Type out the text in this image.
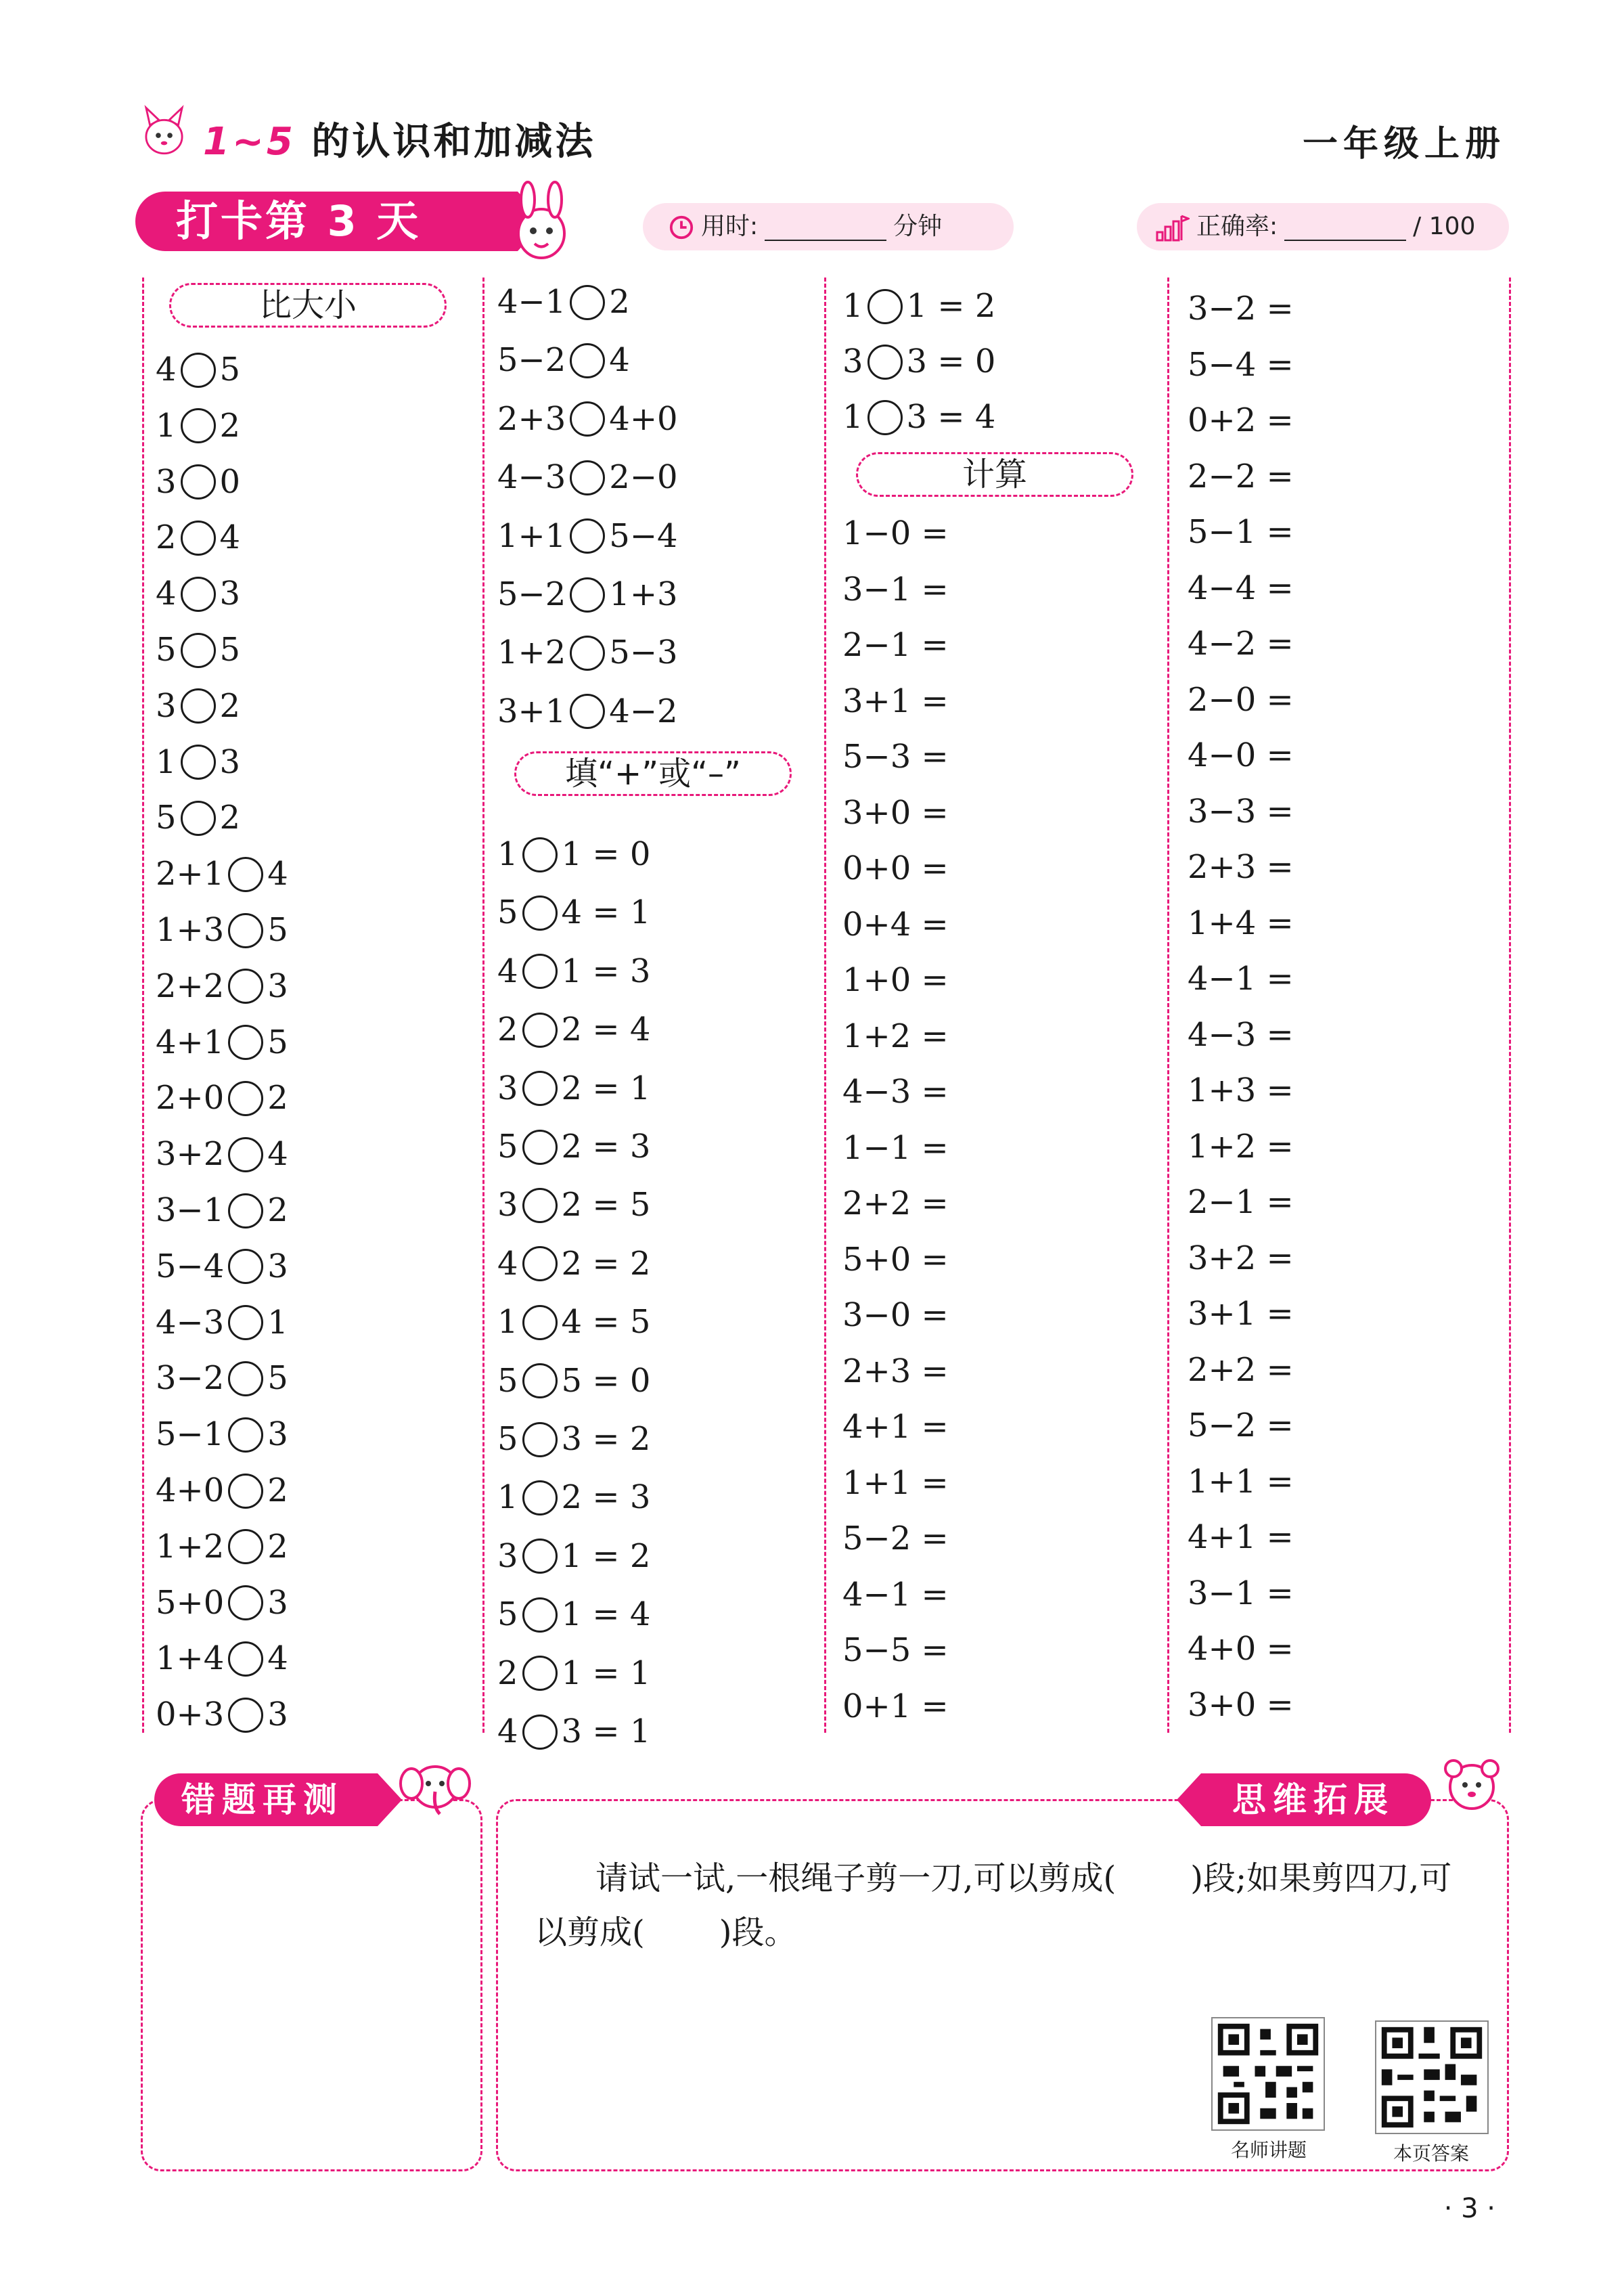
1~5 的认识和加减法	一年级上册
打卡第 3 天	用时:	分钟	正确率:	/ 100
比大小
4 5
1 2
3 0
2 4
4 3
5 5
3 2
1 3
5 2
2+1 4
1+3 5
2+2 3
4+1 5
2+0 2
3+2 4
3−1 2
5−4 3
4−3 1
3−2 5
5−1 3
4+0 2
1+2 2
5+0 3
1+4 4
0+3 3
4−1 2
5−2 4
2+3 4+0
4−3 2−0
1+1 5−4
5−2 1+3
1+2 5−3
3+1 4−2
填“+”或“–”
1 1 = 0
5 4 = 1
4 1 = 3
2 2 = 4
3 2 = 1
5 2 = 3
3 2 = 5
4 2 = 2
1 4 = 5
5 5 = 0
5 3 = 2
1 2 = 3
3 1 = 2
5 1 = 4
2 1 = 1
4 3 = 1
1 1 = 2
3 3 = 0
1 3 = 4
计算
1−0 =
3−1 =
2−1 =
3+1 =
5−3 =
3+0 =
0+0 =
0+4 =
1+0 =
1+2 =
4−3 =
1−1 =
2+2 =
5+0 =
3−0 =
2+3 =
4+1 =
1+1 =
5−2 =
4−1 =
5−5 =
0+1 =
3−2 =
5−4 =
0+2 =
2−2 =
5−1 =
4−4 =
4−2 =
2−0 =
4−0 =
3−3 =
2+3 =
1+4 =
4−1 =
4−3 =
1+3 =
1+2 =
2−1 =
3+2 =
3+1 =
2+2 =
5−2 =
1+1 =
4+1 =
3−1 =
4+0 =
3+0 =
错题再测	思维拓展
请试一试,一根绳子剪一刀,可以剪成( )段;如果剪四刀,可以剪成( )段。
名师讲题	本页答案
· 3 ·
